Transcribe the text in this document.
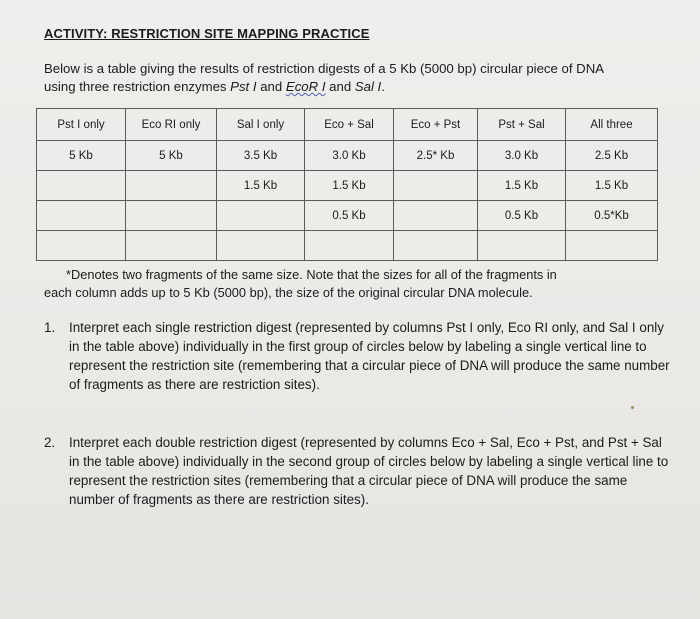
ACTIVITY: RESTRICTION SITE MAPPING PRACTICE
Below is a table giving the results of restriction digests of a 5 Kb (5000 bp) circular piece of DNA
using three restriction enzymes Pst I and EcoR I and Sal I.
Pst I only	Eco RI only	Sal I only	Eco + Sal	Eco + Pst	Pst + Sal	All three
5 Kb	5 Kb	3.5 Kb	3.0 Kb	2.5* Kb	3.0 Kb	2.5 Kb
		1.5 Kb	1.5 Kb		1.5 Kb	1.5 Kb
			0.5 Kb		0.5 Kb	0.5*Kb

*Denotes two fragments of the same size. Note that the sizes for all of the fragments in
each column adds up to 5 Kb (5000 bp), the size of the original circular DNA molecule.
1. Interpret each single restriction digest (represented by columns Pst I only, Eco RI only, and Sal I only in the table above) individually in the first group of circles below by labeling a single vertical line to represent the restriction site (remembering that a circular piece of DNA will produce the same number of fragments as there are restriction sites).
2. Interpret each double restriction digest (represented by columns Eco + Sal, Eco + Pst, and Pst + Sal in the table above) individually in the second group of circles below by labeling a single vertical line to represent the restriction sites (remembering that a circular piece of DNA will produce the same number of fragments as there are restriction sites).
